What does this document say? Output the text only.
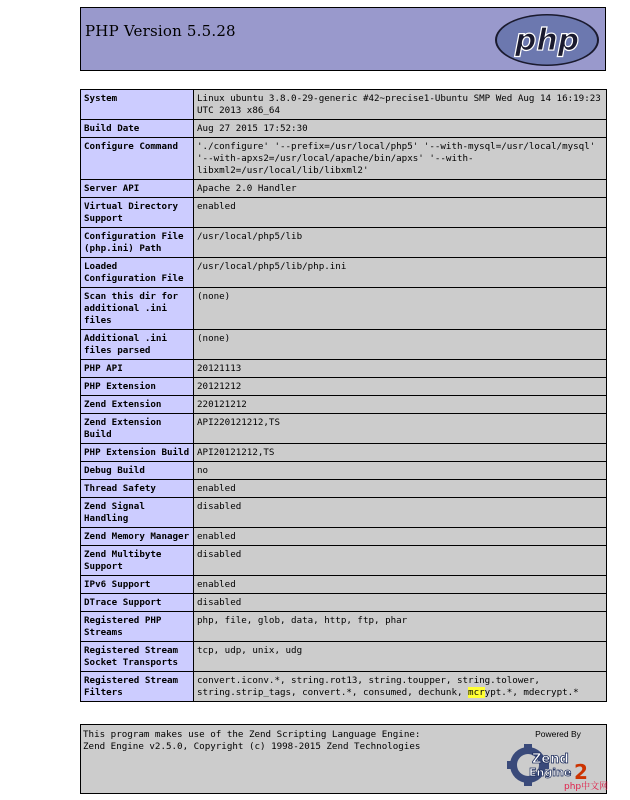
PHP Version 5.5.28	php
System	Linux ubuntu 3.8.0-29-generic #42~precise1-Ubuntu SMP Wed Aug 14 16:19:23 UTC 2013 x86_64
Build Date	Aug 27 2015 17:52:30
Configure Command	'./configure' '--prefix=/usr/local/php5' '--with-mysql=/usr/local/mysql' '--with-apxs2=/usr/local/apache/bin/apxs' '--with-libxml2=/usr/local/lib/libxml2'
Server API	Apache 2.0 Handler
Virtual Directory Support	enabled
Configuration File (php.ini) Path	/usr/local/php5/lib
Loaded Configuration File	/usr/local/php5/lib/php.ini
Scan this dir for additional .ini files	(none)
Additional .ini files parsed	(none)
PHP API	20121113
PHP Extension	20121212
Zend Extension	220121212
Zend Extension Build	API220121212,TS
PHP Extension Build	API20121212,TS
Debug Build	no
Thread Safety	enabled
Zend Signal Handling	disabled
Zend Memory Manager	enabled
Zend Multibyte Support	disabled
IPv6 Support	enabled
DTrace Support	disabled
Registered PHP Streams	php, file, glob, data, http, ftp, phar
Registered Stream Socket Transports	tcp, udp, unix, udg
Registered Stream Filters	convert.iconv.*, string.rot13, string.toupper, string.tolower, string.strip_tags, convert.*, consumed, dechunk, mcrypt.*, mdecrypt.*
This program makes use of the Zend Scripting Language Engine:
Zend Engine v2.5.0, Copyright (c) 1998-2015 Zend Technologies
Powered By
Zend
Engine 2
php中文网
